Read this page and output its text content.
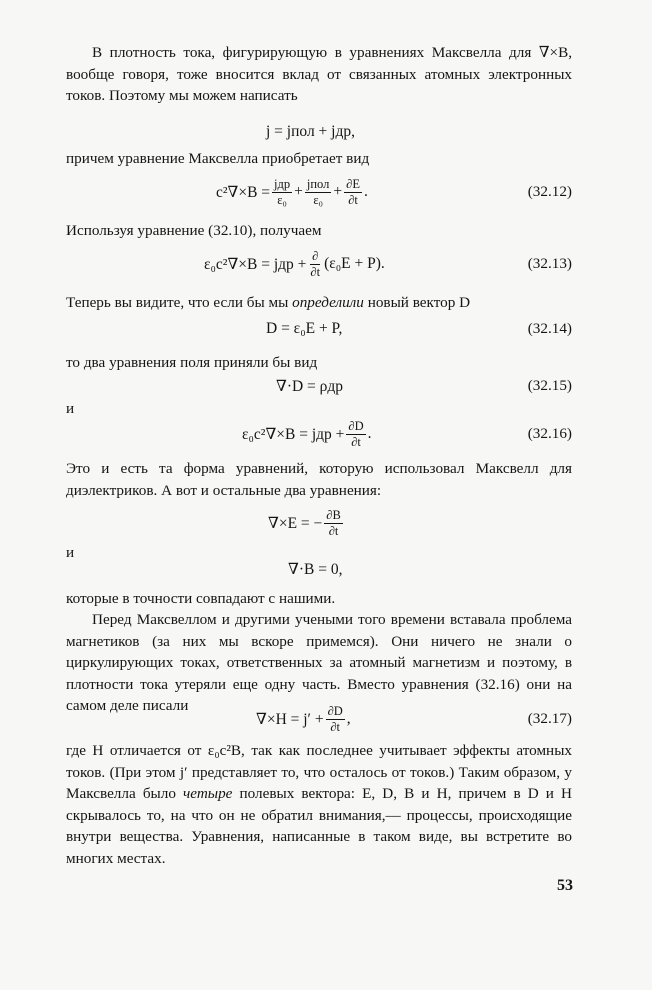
В плотность тока, фигурирующую в уравнениях Максвелла для ∇×B, вообще говоря, тоже вносится вклад от связанных атомных электронных токов. Поэтому мы можем написать

j = jпол + jдр,
причем уравнение Максвелла приобретает вид
$c^2\nabla\times B = \frac{\text{jдр}}{\text{ε₀}} + \frac{\text{jпол}}{\text{ε₀}} + \frac{\partial E}{\partial t}$ .	(32.12)
Используя уравнение (32.10), получаем
ε₀c²∇×B = jдр + $\frac{\partial}{\partial t} (\varepsilon_0E + P)$.	(32.13)
Теперь вы видите, что если бы мы определили новый вектор D
D = ε₀E + P,	(32.14)
то два уравнения поля приняли бы вид
∇·D = ρдр	(32.15)
и
ε₀c²∇×B = jдр + $\frac{\partial D}{\partial t}$ .	(32.16)

Это и есть та форма уравнений, которую использовал Максвелл для диэлектриков. А вот и остальные два уравнения:

∇×E = − $\frac{\partial B}{\partial t}$
и
∇·B = 0,
которые в точности совпадают с нашими.

Перед Максвеллом и другими учеными того времени вставала проблема магнетиков (за них мы вскоре примемся). Они ничего не знали о циркулирующих токах, ответственных за атомный магнетизм и поэтому, в плотности тока утеряли еще одну часть. Вместо уравнения (32.16) они на самом деле писали

$\nabla\times H = j' + \frac{\partial D}{\partial t}$ ,	(32.17)

где H отличается от ε₀c²B, так как последнее учитывает эффекты атомных токов. (При этом j′ представляет то, что осталось от токов.) Таким образом, у Максвелла было четыре полевых вектора: E, D, B и H, причем в D и H скрывалось то, на что он не обратил внимания,— процессы, происходящие внутри вещества. Уравнения, написанные в таком виде, вы встретите во многих местах.

53
